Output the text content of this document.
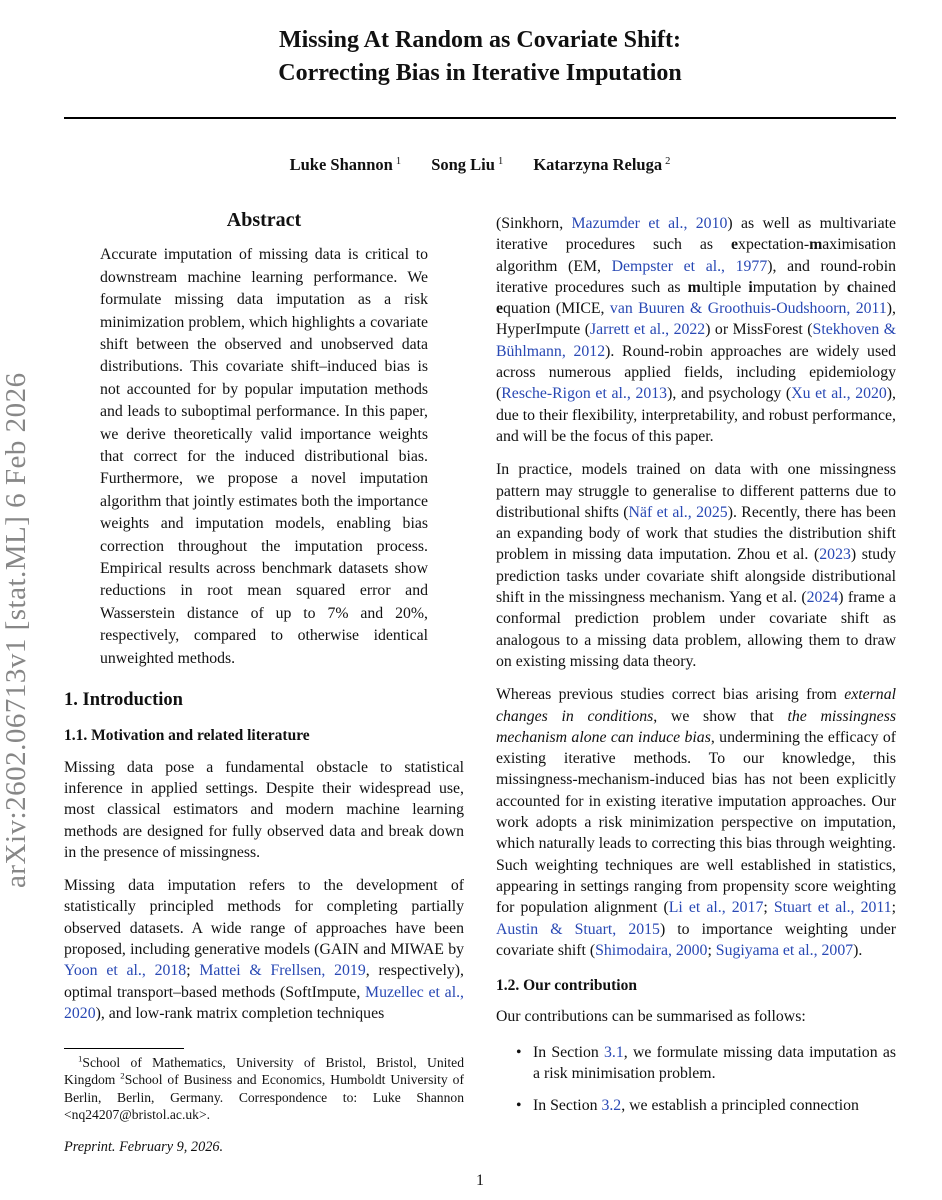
arXiv:2602.06713v1 [stat.ML] 6 Feb 2026
Missing At Random as Covariate Shift:
Correcting Bias in Iterative Imputation
Luke Shannon $^1$ Song Liu $^1$ Katarzyna Reluga $^2$
Abstract

Accurate imputation of missing data is critical to downstream machine learning performance. We formulate missing data imputation as a risk minimization problem, which highlights a covariate shift between the observed and unobserved data distributions. This covariate shift–induced bias is not accounted for by popular imputation methods and leads to suboptimal performance. In this paper, we derive theoretically valid importance weights that correct for the induced distributional bias. Furthermore, we propose a novel imputation algorithm that jointly estimates both the importance weights and imputation models, enabling bias correction throughout the imputation process. Empirical results across benchmark datasets show reductions in root mean squared error and Wasserstein distance of up to 7% and 20%, respectively, compared to otherwise identical unweighted methods.

1. Introduction
1.1. Motivation and related literature

Missing data pose a fundamental obstacle to statistical inference in applied settings. Despite their widespread use, most classical estimators and modern machine learning methods are designed for fully observed data and break down in the presence of missingness.

Missing data imputation refers to the development of statistically principled methods for completing partially observed datasets. A wide range of approaches have been proposed, including generative models (GAIN and MIWAE by Yoon et al., 2018; Mattei & Frellsen, 2019, respectively), optimal transport–based methods (SoftImpute, Muzellec et al., 2020), and low-rank matrix completion techniques

(Sinkhorn, Mazumder et al., 2010) as well as multivariate iterative procedures such as expectation-maximisation algorithm (EM, Dempster et al., 1977), and round-robin iterative procedures such as multiple imputation by chained equation (MICE, van Buuren & Groothuis-Oudshoorn, 2011), HyperImpute (Jarrett et al., 2022) or MissForest (Stekhoven & Bühlmann, 2012). Round-robin approaches are widely used across numerous applied fields, including epidemiology (Resche-Rigon et al., 2013), and psychology (Xu et al., 2020), due to their flexibility, interpretability, and robust performance, and will be the focus of this paper.

In practice, models trained on data with one missingness pattern may struggle to generalise to different patterns due to distributional shifts (Näf et al., 2025). Recently, there has been an expanding body of work that studies the distribution shift problem in missing data imputation. Zhou et al. (2023) study prediction tasks under covariate shift alongside distributional shift in the missingness mechanism. Yang et al. (2024) frame a conformal prediction problem under covariate shift as analogous to a missing data problem, allowing them to draw on existing missing data theory.

Whereas previous studies correct bias arising from external changes in conditions, we show that the missingness mechanism alone can induce bias, undermining the efficacy of existing iterative methods. To our knowledge, this missingness-mechanism-induced bias has not been explicitly accounted for in existing iterative imputation approaches. Our work adopts a risk minimization perspective on imputation, which naturally leads to correcting this bias through weighting. Such weighting techniques are well established in statistics, appearing in settings ranging from propensity score weighting for population alignment (Li et al., 2017; Stuart et al., 2011; Austin & Stuart, 2015) to importance weighting under covariate shift (Shimodaira, 2000; Sugiyama et al., 2007).

1.2. Our contribution

Our contributions can be summarised as follows:

• In Section 3.1, we formulate missing data imputation as a risk minimisation problem.
• In Section 3.2, we establish a principled connection

$^1$School of Mathematics, University of Bristol, Bristol, United Kingdom $^2$School of Business and Economics, Humboldt University of Berlin, Berlin, Germany. Correspondence to: Luke Shannon <nq24207@bristol.ac.uk>.

Preprint. February 9, 2026.

1
